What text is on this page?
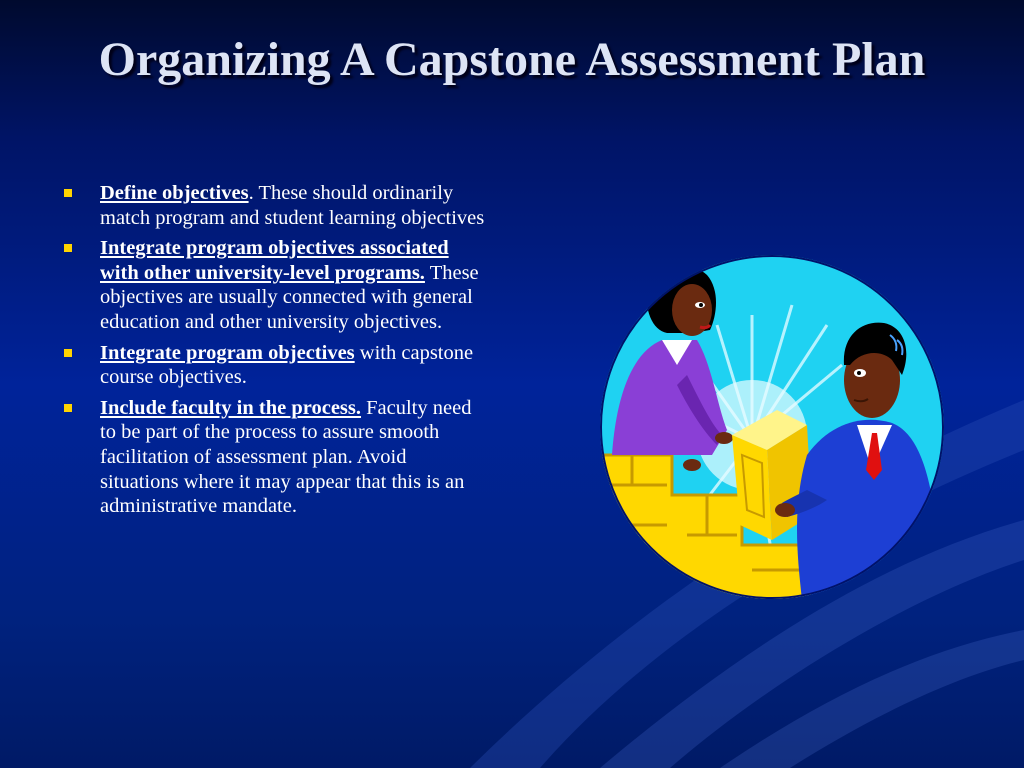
Organizing A Capstone Assessment Plan
Define objectives. These should ordinarily match program and student learning objectives
Integrate program objectives associated with other university-level programs. These objectives are usually connected with general education and other university objectives.
Integrate program objectives with capstone course objectives.
Include faculty in the process. Faculty need to be part of the process to assure smooth facilitation of assessment plan. Avoid situations where it may appear that this is an administrative mandate.
